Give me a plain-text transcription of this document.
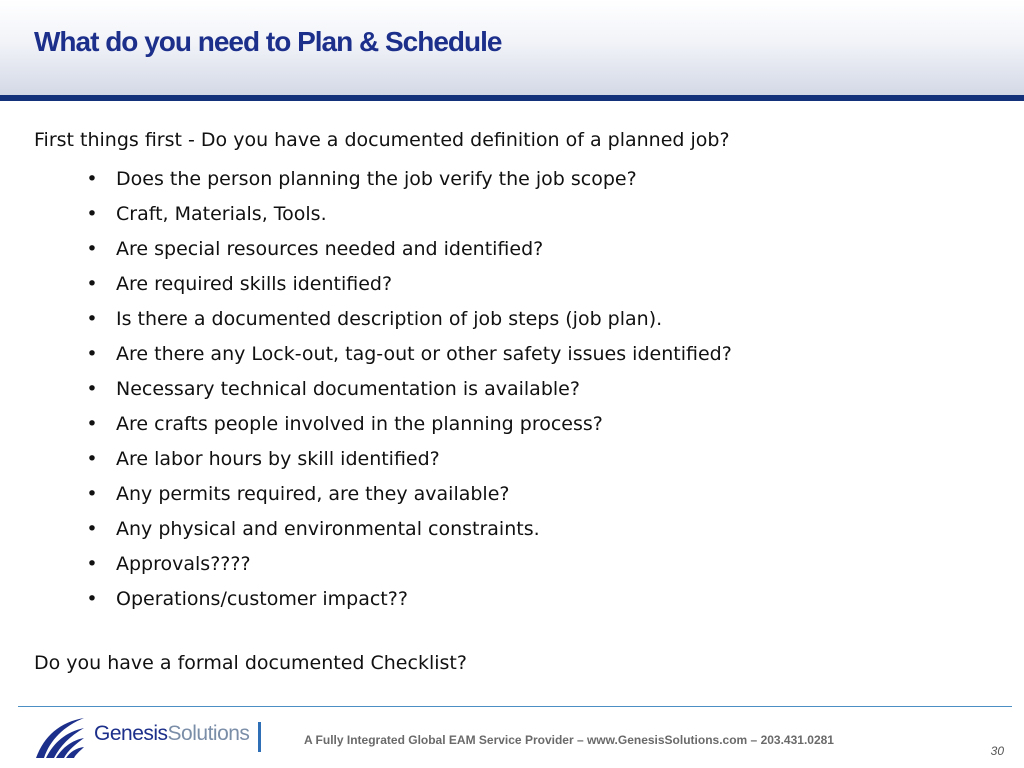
What do you need to Plan & Schedule

First things first - Do you have a documented definition of a planned job?

• Does the person planning the job verify the job scope?
• Craft, Materials, Tools.
• Are special resources needed and identified?
• Are required skills identified?
• Is there a documented description of job steps (job plan).
• Are there any Lock-out, tag-out or other safety issues identified?
• Necessary technical documentation is available?
• Are crafts people involved in the planning process?
• Are labor hours by skill identified?
• Any permits required, are they available?
• Any physical and environmental constraints.
• Approvals????
• Operations/customer impact??

Do you have a formal documented Checklist?

GenesisSolutions	A Fully Integrated Global EAM Service Provider – www.GenesisSolutions.com – 203.431.0281
30
